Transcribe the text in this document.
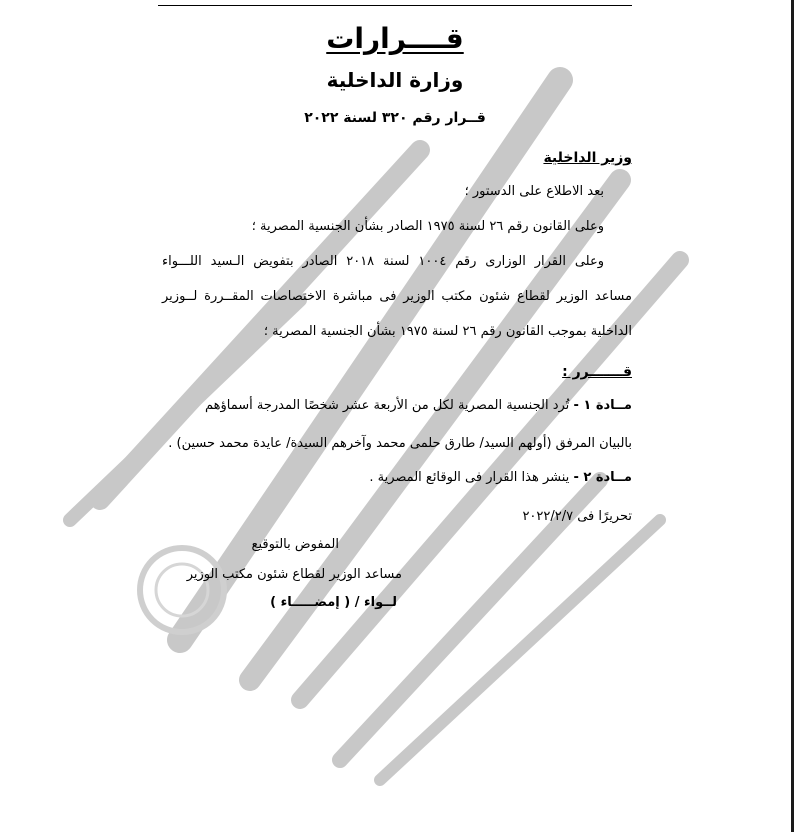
قــــرارات
وزارة الداخلية
قــرار رقم ٣٢٠ لسنة ٢٠٢٢
وزير الداخلية
بعد الاطلاع على الدستور ؛
وعلى القانون رقم ٢٦ لسنة ١٩٧٥ الصادر بشأن الجنسية المصرية ؛
وعلى القرار الوزارى رقم ١٠٠٤ لسنة ٢٠١٨ الصادر بتفويض الـسيد اللـــواء
مساعد الوزير لقطاع شئون مكتب الوزير فى مباشرة الاختصاصات المقــررة لــوزير
الداخلية بموجب القانون رقم ٢٦ لسنة ١٩٧٥ بشأن الجنسية المصرية ؛
قـــــــرر :
مــادة ١ - تُرد الجنسية المصرية لكل من الأربعة عشر شخصًا المدرجة أسماؤهم
بالبيان المرفق (أولهم السيد/ طارق حلمى محمد وآخرهم السيدة/ عايدة محمد حسين) .
مــادة ٢ - ينشر هذا القرار فى الوقائع المصرية .
تحريرًا فى ٢٠٢٢/٢/٧
المفوض بالتوقيع
مساعد الوزير لقطاع شئون مكتب الوزير
لــواء / ( إمضـــــاء )
